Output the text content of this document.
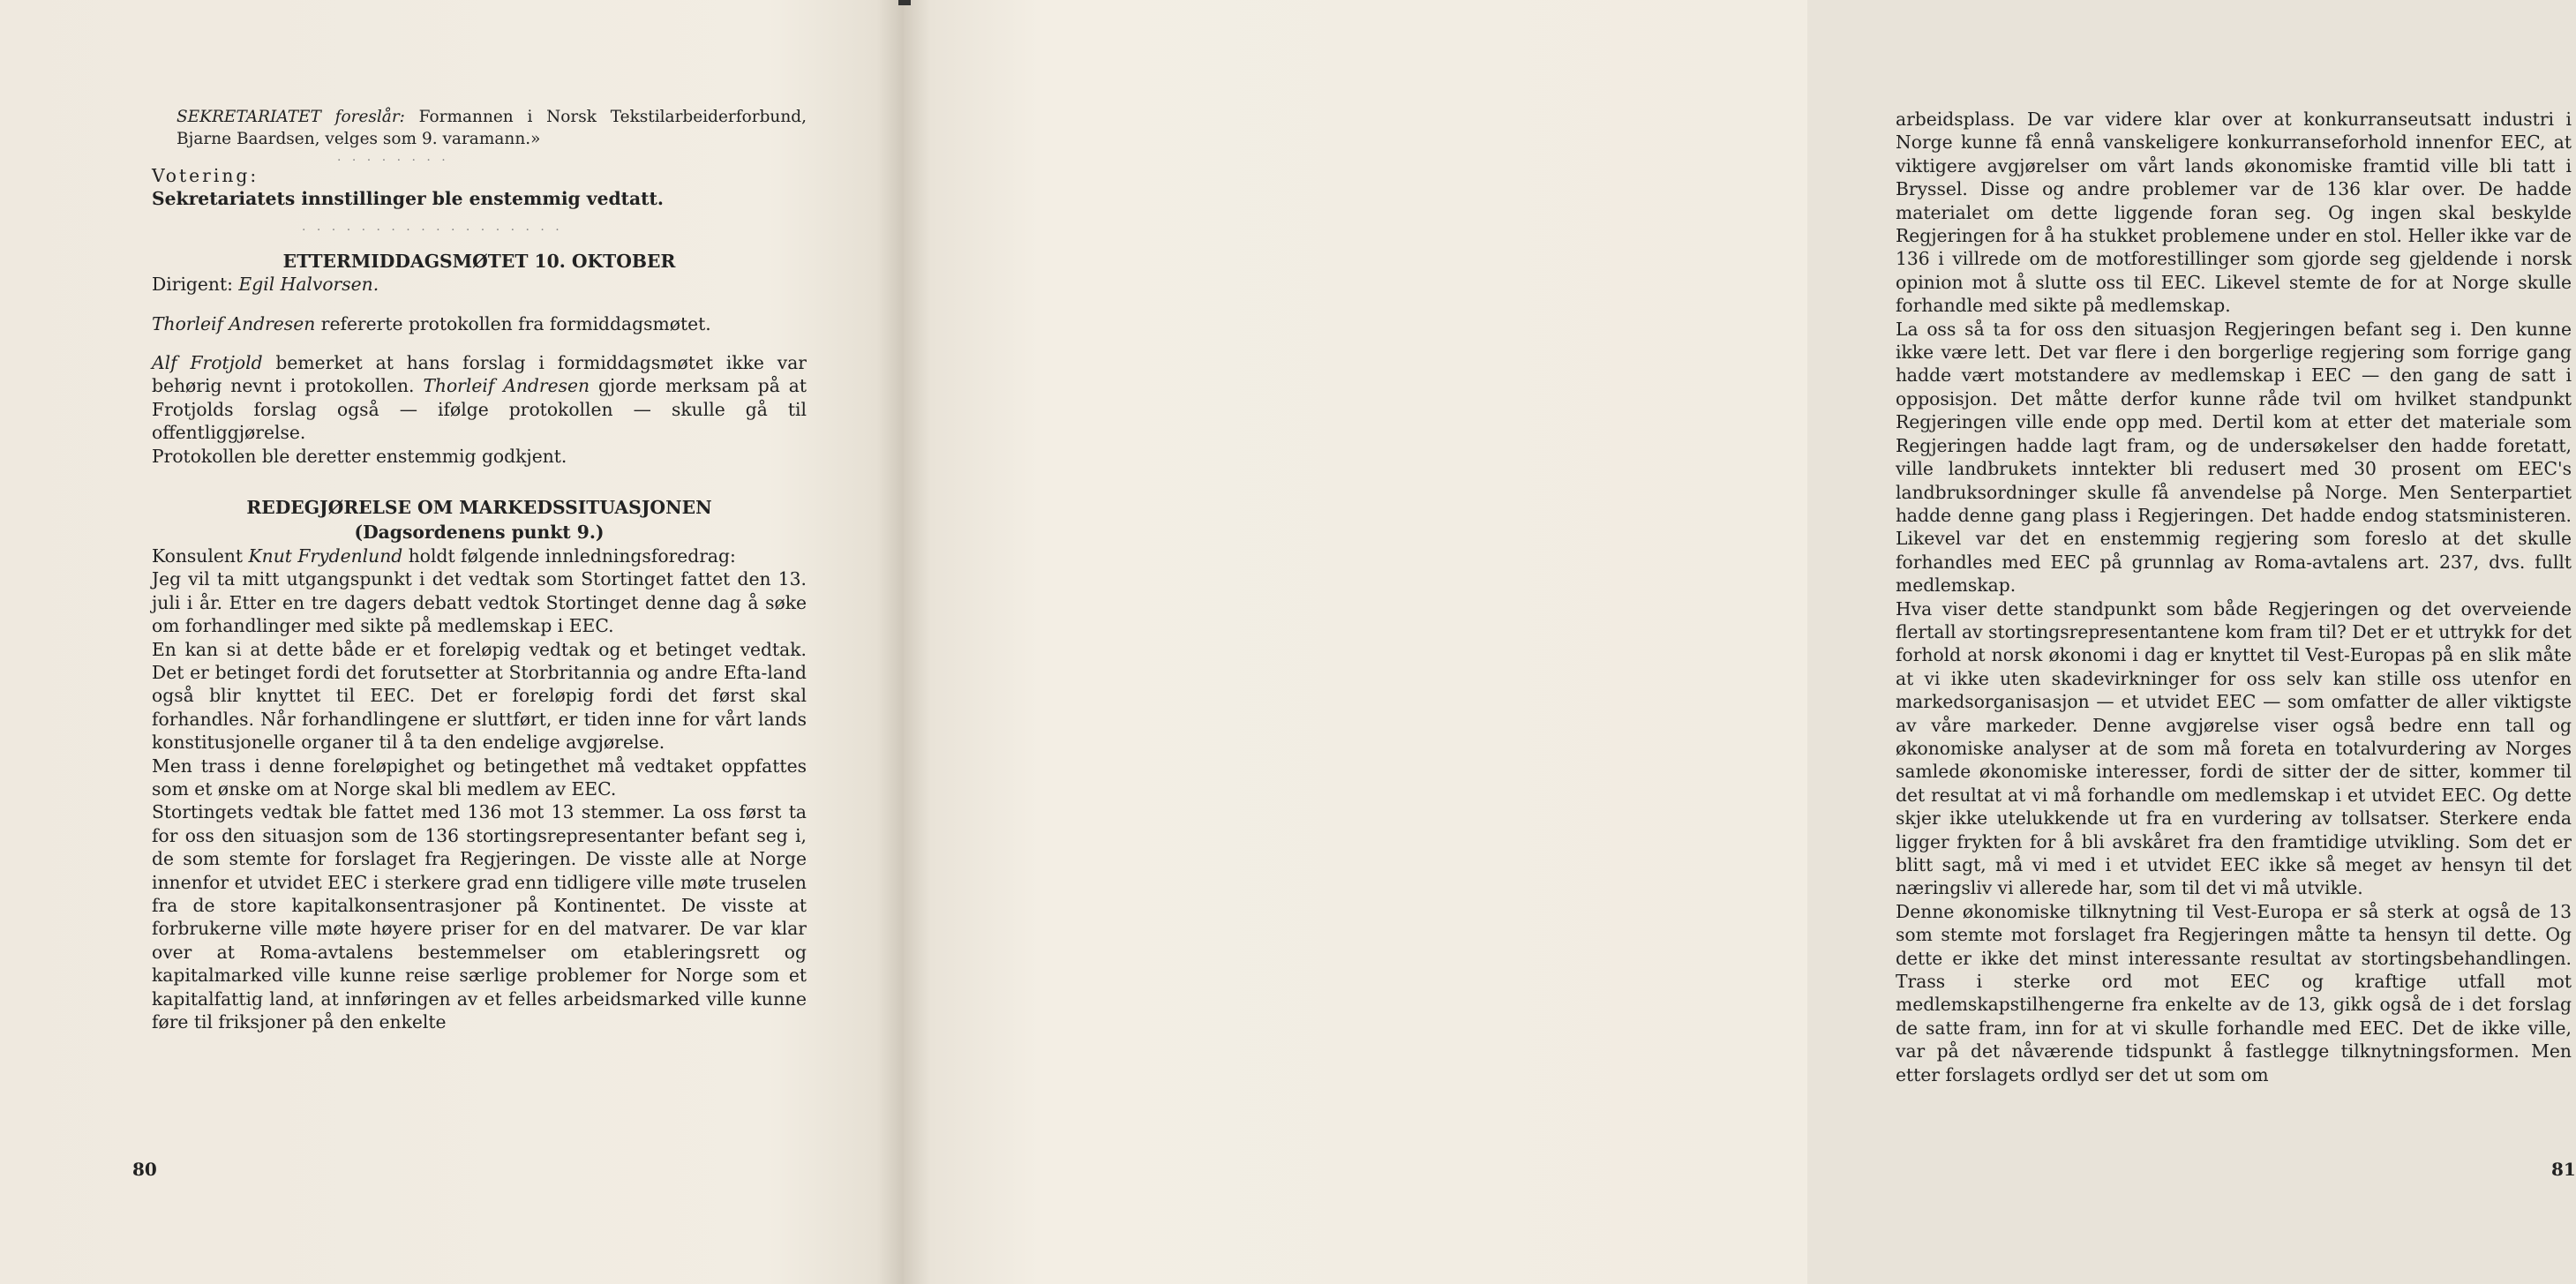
SEKRETARIATET foreslår: Formannen i Norsk Tekstilarbeiderforbund, Bjarne Baardsen, velges som 9. varamann.»

. . . . . . . .

Votering:

Sekretariatets innstillinger ble enstemmig vedtatt.

. . . . . . . . . . . . . . . . . .

ETTERMIDDAGSMØTET 10. OKTOBER

Dirigent: Egil Halvorsen.

Thorleif Andresen refererte protokollen fra formiddagsmøtet.

Alf Frotjold bemerket at hans forslag i formiddagsmøtet ikke var behørig nevnt i protokollen. Thorleif Andresen gjorde merksam på at Frotjolds forslag også — ifølge protokollen — skulle gå til offentliggjørelse.

Protokollen ble deretter enstemmig godkjent.

REDEGJØRELSE OM MARKEDSSITUASJONEN

(Dagsordenens punkt 9.)

Konsulent Knut Frydenlund holdt følgende innledningsforedrag:

Jeg vil ta mitt utgangspunkt i det vedtak som Stortinget fattet den 13. juli i år. Etter en tre dagers debatt vedtok Stortinget denne dag å søke om forhandlinger med sikte på medlemskap i EEC.

En kan si at dette både er et foreløpig vedtak og et betinget vedtak. Det er betinget fordi det forutsetter at Storbritannia og andre Efta-land også blir knyttet til EEC. Det er foreløpig fordi det først skal forhandles. Når forhandlingene er sluttført, er tiden inne for vårt lands konstitusjonelle organer til å ta den endelige avgjørelse.

Men trass i denne foreløpighet og betingethet må vedtaket oppfattes som et ønske om at Norge skal bli medlem av EEC.

Stortingets vedtak ble fattet med 136 mot 13 stemmer. La oss først ta for oss den situasjon som de 136 stortingsrepresentanter befant seg i, de som stemte for forslaget fra Regjeringen. De visste alle at Norge innenfor et utvidet EEC i sterkere grad enn tidligere ville møte truselen fra de store kapitalkonsentrasjoner på Kontinentet. De visste at forbrukerne ville møte høyere priser for en del matvarer. De var klar over at Roma-avtalens bestemmelser om etableringsrett og kapitalmarked ville kunne reise særlige problemer for Norge som et kapitalfattig land, at innføringen av et felles arbeidsmarked ville kunne føre til friksjoner på den enkelte

80

arbeidsplass. De var videre klar over at konkurranseutsatt industri i Norge kunne få ennå vanskeligere konkurranseforhold innenfor EEC, at viktigere avgjørelser om vårt lands økonomiske framtid ville bli tatt i Bryssel. Disse og andre problemer var de 136 klar over. De hadde materialet om dette liggende foran seg. Og ingen skal beskylde Regjeringen for å ha stukket problemene under en stol. Heller ikke var de 136 i villrede om de motforestillinger som gjorde seg gjeldende i norsk opinion mot å slutte oss til EEC. Likevel stemte de for at Norge skulle forhandle med sikte på medlemskap.

La oss så ta for oss den situasjon Regjeringen befant seg i. Den kunne ikke være lett. Det var flere i den borgerlige regjering som forrige gang hadde vært motstandere av medlemskap i EEC — den gang de satt i opposisjon. Det måtte derfor kunne råde tvil om hvilket standpunkt Regjeringen ville ende opp med. Dertil kom at etter det materiale som Regjeringen hadde lagt fram, og de undersøkelser den hadde foretatt, ville landbrukets inntekter bli redusert med 30 prosent om EEC's landbruksordninger skulle få anvendelse på Norge. Men Senterpartiet hadde denne gang plass i Regjeringen. Det hadde endog statsministeren. Likevel var det en enstemmig regjering som foreslo at det skulle forhandles med EEC på grunnlag av Roma-avtalens art. 237, dvs. fullt medlemskap.

Hva viser dette standpunkt som både Regjeringen og det overveiende flertall av stortingsrepresentantene kom fram til? Det er et uttrykk for det forhold at norsk økonomi i dag er knyttet til Vest-Europas på en slik måte at vi ikke uten skadevirkninger for oss selv kan stille oss utenfor en markedsorganisasjon — et utvidet EEC — som omfatter de aller viktigste av våre markeder. Denne avgjørelse viser også bedre enn tall og økonomiske analyser at de som må foreta en totalvurdering av Norges samlede økonomiske interesser, fordi de sitter der de sitter, kommer til det resultat at vi må forhandle om medlemskap i et utvidet EEC. Og dette skjer ikke utelukkende ut fra en vurdering av tollsatser. Sterkere enda ligger frykten for å bli avskåret fra den framtidige utvikling. Som det er blitt sagt, må vi med i et utvidet EEC ikke så meget av hensyn til det næringsliv vi allerede har, som til det vi må utvikle.

Denne økonomiske tilknytning til Vest-Europa er så sterk at også de 13 som stemte mot forslaget fra Regjeringen måtte ta hensyn til dette. Og dette er ikke det minst interessante resultat av stortingsbehandlingen. Trass i sterke ord mot EEC og kraftige utfall mot medlemskapstilhengerne fra enkelte av de 13, gikk også de i det forslag de satte fram, inn for at vi skulle forhandle med EEC. Det de ikke ville, var på det nåværende tidspunkt å fastlegge tilknytningsformen. Men etter forslagets ordlyd ser det ut som om

81
